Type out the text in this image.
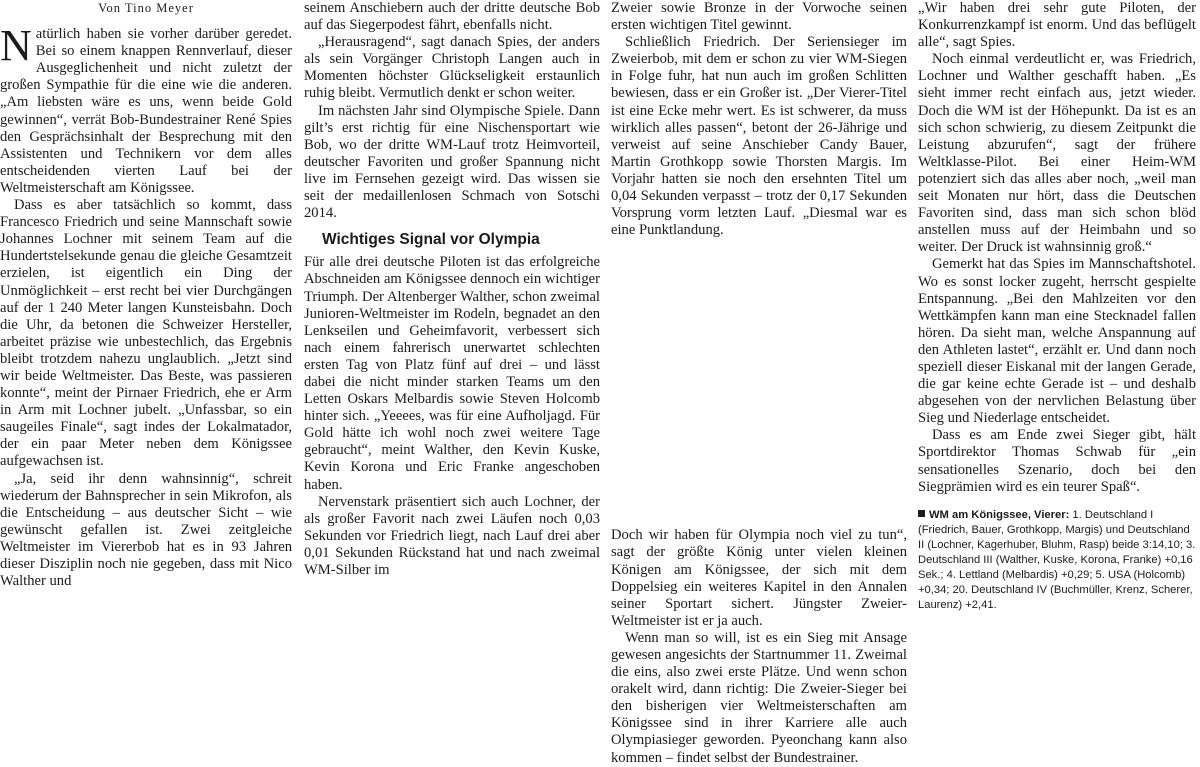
Von Tino Meyer

Natürlich haben sie vorher darüber geredet. Bei so einem knappen Rennverlauf, dieser Ausgeglichenheit und nicht zuletzt der großen Sympathie für die eine wie die anderen. „Am liebsten wäre es uns, wenn beide Gold gewinnen“, verrät Bob-Bundestrainer René Spies den Gesprächsinhalt der Besprechung mit den Assistenten und Technikern vor dem alles entscheidenden vierten Lauf bei der Weltmeisterschaft am Königssee.

Dass es aber tatsächlich so kommt, dass Francesco Friedrich und seine Mannschaft sowie Johannes Lochner mit seinem Team auf die Hundertstelsekunde genau die gleiche Gesamtzeit erzielen, ist eigentlich ein Ding der Unmöglichkeit – erst recht bei vier Durchgängen auf der 1 240 Meter langen Kunsteisbahn. Doch die Uhr, da betonen die Schweizer Hersteller, arbeitet präzise wie unbestechlich, das Ergebnis bleibt trotzdem nahezu unglaublich. „Jetzt sind wir beide Weltmeister. Das Beste, was passieren konnte“, meint der Pirnaer Friedrich, ehe er Arm in Arm mit Lochner jubelt. „Unfassbar, so ein saugeiles Finale“, sagt indes der Lokalmatador, der ein paar Meter neben dem Königssee aufgewachsen ist.

„Ja, seid ihr denn wahnsinnig“, schreit wiederum der Bahnsprecher in sein Mikrofon, als die Entscheidung – aus deutscher Sicht – wie gewünscht gefallen ist. Zwei zeitgleiche Weltmeister im Viererbob hat es in 93 Jahren dieser Disziplin noch nie gegeben, dass mit Nico Walther und

seinem Anschiebern auch der dritte deutsche Bob auf das Siegerpodest fährt, ebenfalls nicht.

„Herausragend“, sagt danach Spies, der anders als sein Vorgänger Christoph Langen auch in Momenten höchster Glückseligkeit erstaunlich ruhig bleibt. Vermutlich denkt er schon weiter.

Im nächsten Jahr sind Olympische Spiele. Dann gilt’s erst richtig für eine Nischensportart wie Bob, wo der dritte WM-Lauf trotz Heimvorteil, deutscher Favoriten und großer Spannung nicht live im Fernsehen gezeigt wird. Das wissen sie seit der medaillenlosen Schmach von Sotschi 2014.

Wichtiges Signal vor Olympia

Für alle drei deutsche Piloten ist das erfolgreiche Abschneiden am Königssee dennoch ein wichtiger Triumph. Der Altenberger Walther, schon zweimal Junioren-Weltmeister im Rodeln, begnadet an den Lenkseilen und Geheimfavorit, verbessert sich nach einem fahrerisch unerwartet schlechten ersten Tag von Platz fünf auf drei – und lässt dabei die nicht minder starken Teams um den Letten Oskars Melbardis sowie Steven Holcomb hinter sich. „Yeeees, was für eine Aufholjagd. Für Gold hätte ich wohl noch zwei weitere Tage gebraucht“, meint Walther, den Kevin Kuske, Kevin Korona und Eric Franke angeschoben haben.

Nervenstark präsentiert sich auch Lochner, der als großer Favorit nach zwei Läufen noch 0,03 Sekunden vor Friedrich liegt, nach Lauf drei aber 0,01 Sekunden Rückstand hat und nach zweimal WM-Silber im

Zweier sowie Bronze in der Vorwoche seinen ersten wichtigen Titel gewinnt.

Schließlich Friedrich. Der Seriensieger im Zweierbob, mit dem er schon zu vier WM-Siegen in Folge fuhr, hat nun auch im großen Schlitten bewiesen, dass er ein Großer ist. „Der Vierer-Titel ist eine Ecke mehr wert. Es ist schwerer, da muss wirklich alles passen“, betont der 26-Jährige und verweist auf seine Anschieber Candy Bauer, Martin Grothkopp sowie Thorsten Margis. Im Vorjahr hatten sie noch den ersehnten Titel um 0,04 Sekunden verpasst – trotz der 0,17 Sekunden Vorsprung vorm letzten Lauf. „Diesmal war es eine Punktlandung.

Doch wir haben für Olympia noch viel zu tun“, sagt der größte König unter vielen kleinen Königen am Königssee, der sich mit dem Doppelsieg ein weiteres Kapitel in den Annalen seiner Sportart sichert. Jüngster Zweier-Weltmeister ist er ja auch.

Wenn man so will, ist es ein Sieg mit Ansage gewesen angesichts der Startnummer 11. Zweimal die eins, also zwei erste Plätze. Und wenn schon orakelt wird, dann richtig: Die Zweier-Sieger bei den bisherigen vier Weltmeisterschaften am Königssee sind in ihrer Karriere alle auch Olympiasieger geworden. Pyeonchang kann also kommen – findet selbst der Bundestrainer.

„Wir haben drei sehr gute Piloten, der Konkurrenzkampf ist enorm. Und das beflügelt alle“, sagt Spies.

Noch einmal verdeutlicht er, was Friedrich, Lochner und Walther geschafft haben. „Es sieht immer recht einfach aus, jetzt wieder. Doch die WM ist der Höhepunkt. Da ist es an sich schon schwierig, zu diesem Zeitpunkt die Leistung abzurufen“, sagt der frühere Weltklasse-Pilot. Bei einer Heim-WM potenziert sich das alles aber noch, „weil man seit Monaten nur hört, dass die Deutschen Favoriten sind, dass man sich schon blöd anstellen muss auf der Heimbahn und so weiter. Der Druck ist wahnsinnig groß.“

Gemerkt hat das Spies im Mannschaftshotel. Wo es sonst locker zugeht, herrscht gespielte Entspannung. „Bei den Mahlzeiten vor den Wettkämpfen kann man eine Stecknadel fallen hören. Da sieht man, welche Anspannung auf den Athleten lastet“, erzählt er. Und dann noch speziell dieser Eiskanal mit der langen Gerade, die gar keine echte Gerade ist – und deshalb abgesehen von der nervlichen Belastung über Sieg und Niederlage entscheidet.

Dass es am Ende zwei Sieger gibt, hält Sportdirektor Thomas Schwab für „ein sensationelles Szenario, doch bei den Siegprämien wird es ein teurer Spaß“.

WM am Königssee, Vierer: 1. Deutschland I (Friedrich, Bauer, Grothkopp, Margis) und Deutschland II (Lochner, Kagerhuber, Bluhm, Rasp) beide 3:14,10; 3. Deutschland III (Walther, Kuske, Korona, Franke) +0,16 Sek.; 4. Lettland (Melbardis) +0,29; 5. USA (Holcomb) +0,34; 20. Deutschland IV (Buchmüller, Krenz, Scherer, Laurenz) +2,41.
